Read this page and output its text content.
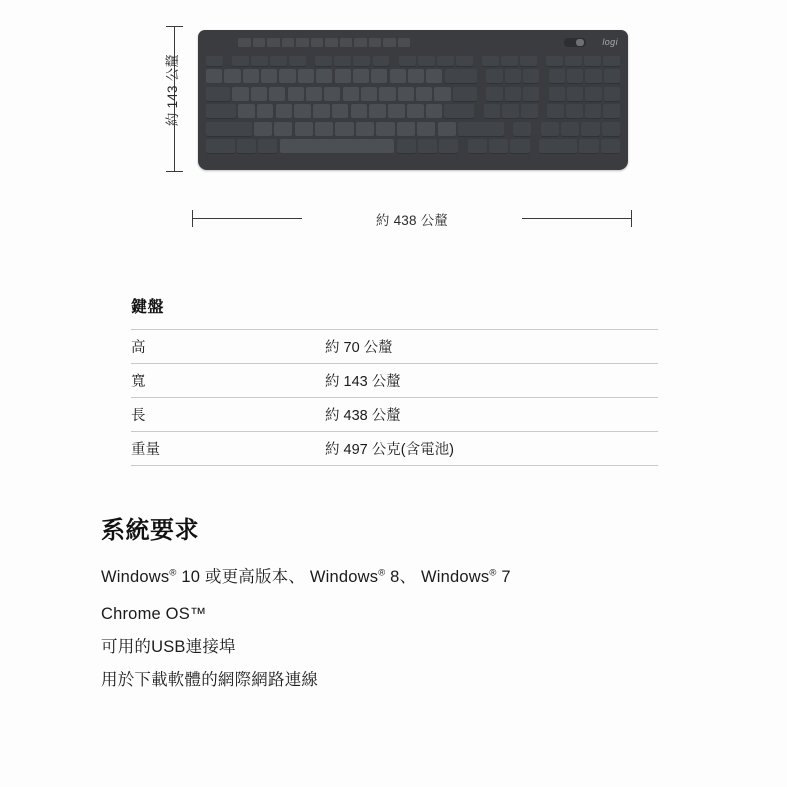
約 143 公釐
logi
約 438 公釐
鍵盤
高	約 70 公釐
寬	約 143 公釐
長	約 438 公釐
重量	約 497 公克(含電池)
系統要求
Windows® 10 或更高版本、 Windows® 8、 Windows® 7
Chrome OS™
可用的USB連接埠
用於下載軟體的網際網路連線
